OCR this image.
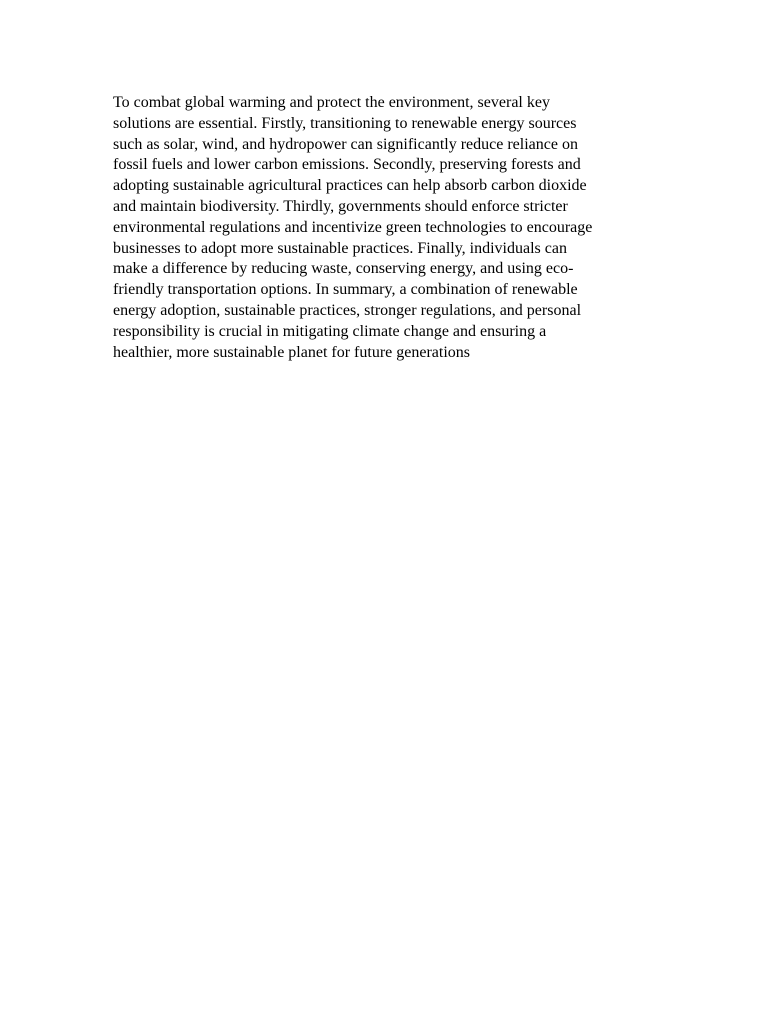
To combat global warming and protect the environment, several key
solutions are essential. Firstly, transitioning to renewable energy sources
such as solar, wind, and hydropower can significantly reduce reliance on
fossil fuels and lower carbon emissions. Secondly, preserving forests and
adopting sustainable agricultural practices can help absorb carbon dioxide
and maintain biodiversity. Thirdly, governments should enforce stricter
environmental regulations and incentivize green technologies to encourage
businesses to adopt more sustainable practices. Finally, individuals can
make a difference by reducing waste, conserving energy, and using eco-
friendly transportation options. In summary, a combination of renewable
energy adoption, sustainable practices, stronger regulations, and personal
responsibility is crucial in mitigating climate change and ensuring a
healthier, more sustainable planet for future generations
